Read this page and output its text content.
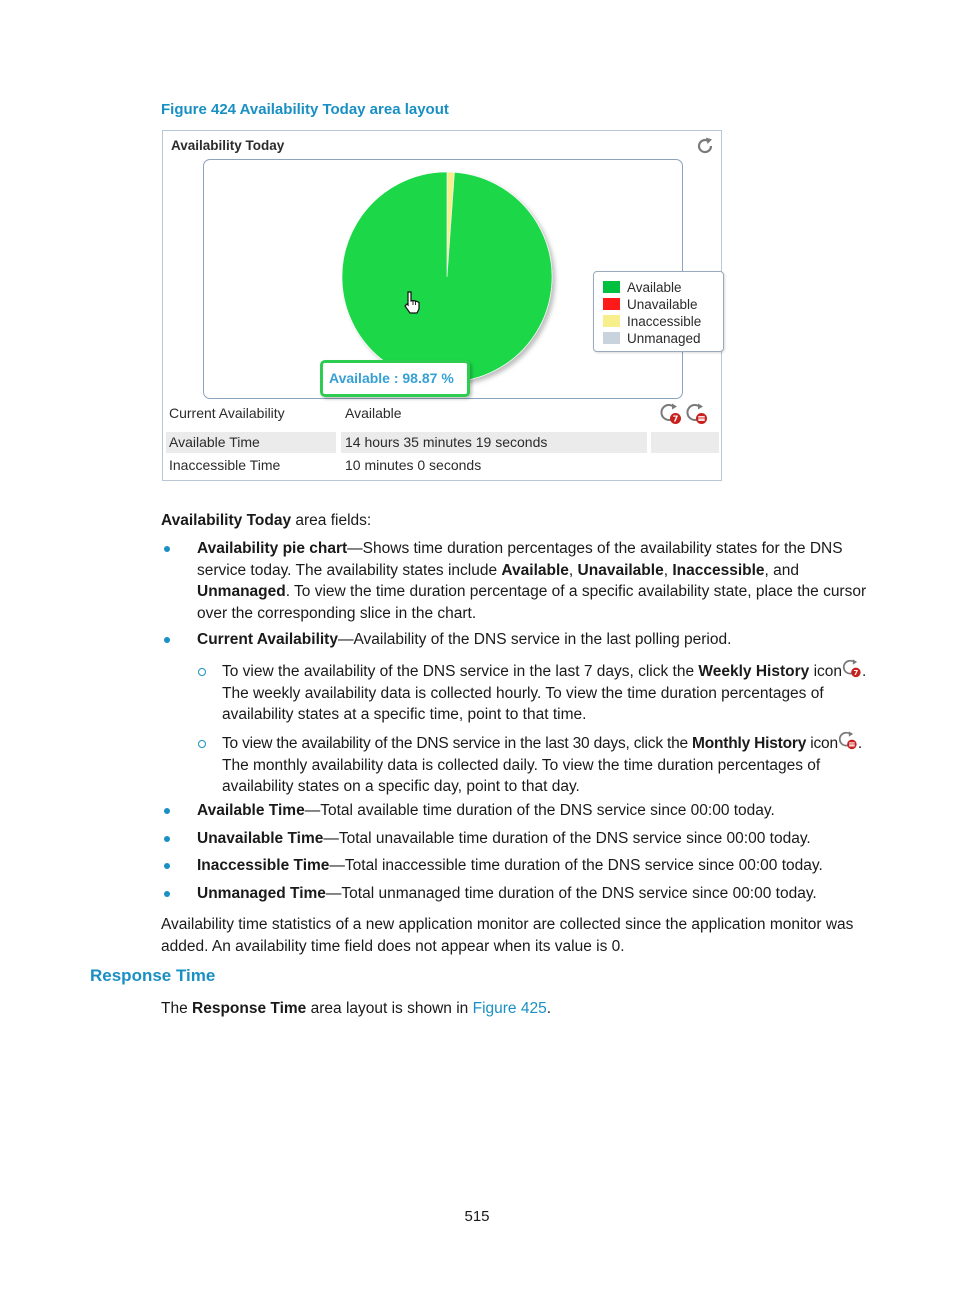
Figure 424 Availability Today area layout
Availability Today
Available : 98.87 %
Available
Unavailable
Inaccessible
Unmanaged
Current Availability	Available	7
Available Time	14 hours 35 minutes 19 seconds
Inaccessible Time	10 minutes 0 seconds
Availability Today area fields:
Availability pie chart—Shows time duration percentages of the availability states for the DNS
service today. The availability states include Available, Unavailable, Inaccessible, and
Unmanaged. To view the time duration percentage of a specific availability state, place the cursor
over the corresponding slice in the chart.
Current Availability—Availability of the DNS service in the last polling period.
To view the availability of the DNS service in the last 7 days, click the Weekly History icon 7 .
The weekly availability data is collected hourly. To view the time duration percentages of
availability states at a specific time, point to that time.
To view the availability of the DNS service in the last 30 days, click the Monthly History icon .
The monthly availability data is collected daily. To view the time duration percentages of
availability states on a specific day, point to that day.
Available Time—Total available time duration of the DNS service since 00:00 today.
Unavailable Time—Total unavailable time duration of the DNS service since 00:00 today.
Inaccessible Time—Total inaccessible time duration of the DNS service since 00:00 today.
Unmanaged Time—Total unmanaged time duration of the DNS service since 00:00 today.
Availability time statistics of a new application monitor are collected since the application monitor was
added. An availability time field does not appear when its value is 0.
Response Time
The Response Time area layout is shown in Figure 425.
515
